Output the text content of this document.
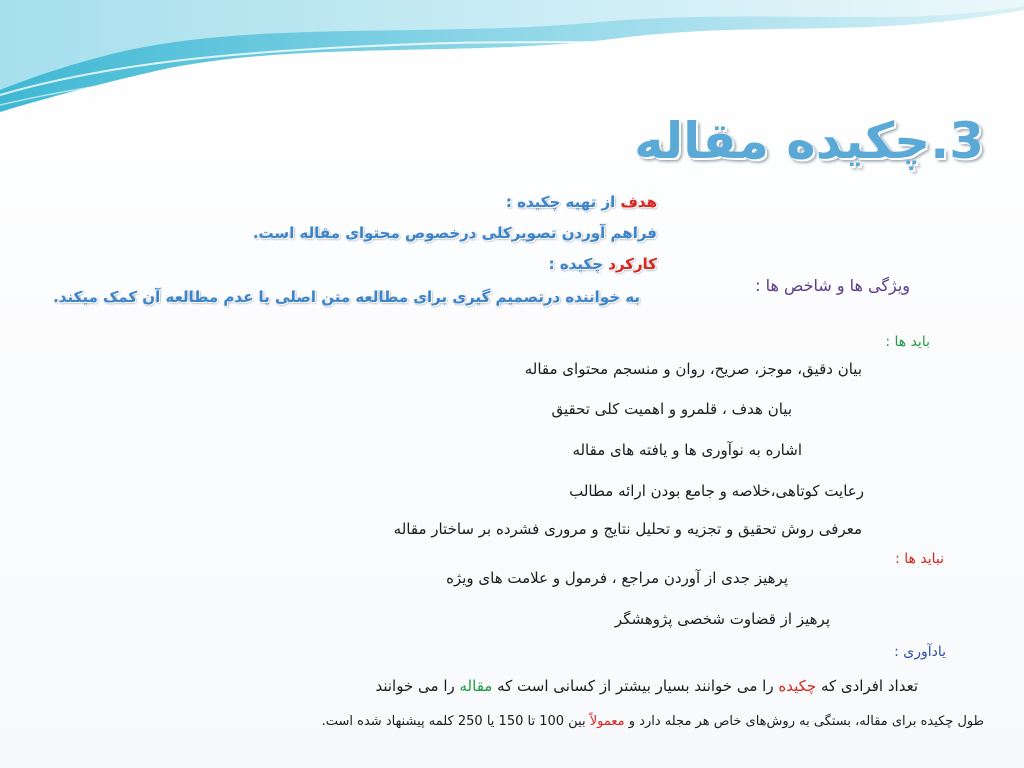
3.چکیده مقاله
هدف از تهیه چکیده :
فراهم آوردن تصویرکلی درخصوص محتوای مقاله است.
کارکرد چکیده :
به خواننده درتصمیم گیری برای مطالعه متن اصلی یا عدم مطالعه آن کمک میکند.
ویژگی ها و شاخص ها :
باید ها :
بیان دقیق، موجز، صریح، روان و منسجم محتوای مقاله
بیان هدف ، قلمرو و اهمیت کلی تحقیق
اشاره به نوآوری ها و یافته های مقاله
رعایت کوتاهی،خلاصه و جامع بودن ارائه مطالب
معرفی روش تحقیق و تجزیه و تحلیل نتایج و مروری فشرده بر ساختار مقاله
نباید ها :
پرهیز جدی از آوردن مراجع ، فرمول و علامت های ویژه
پرهیز از قضاوت شخصی پژوهشگر
یادآوری :
تعداد افرادی که چکیده را می خوانند بسیار بیشتر از کسانی است که مقاله را می خوانند
طول چکیده برای مقاله، بستگی به روش‌های خاص هر مجله دارد و معمولاً بین 100 تا 150 یا 250 کلمه پیشنهاد شده است.
